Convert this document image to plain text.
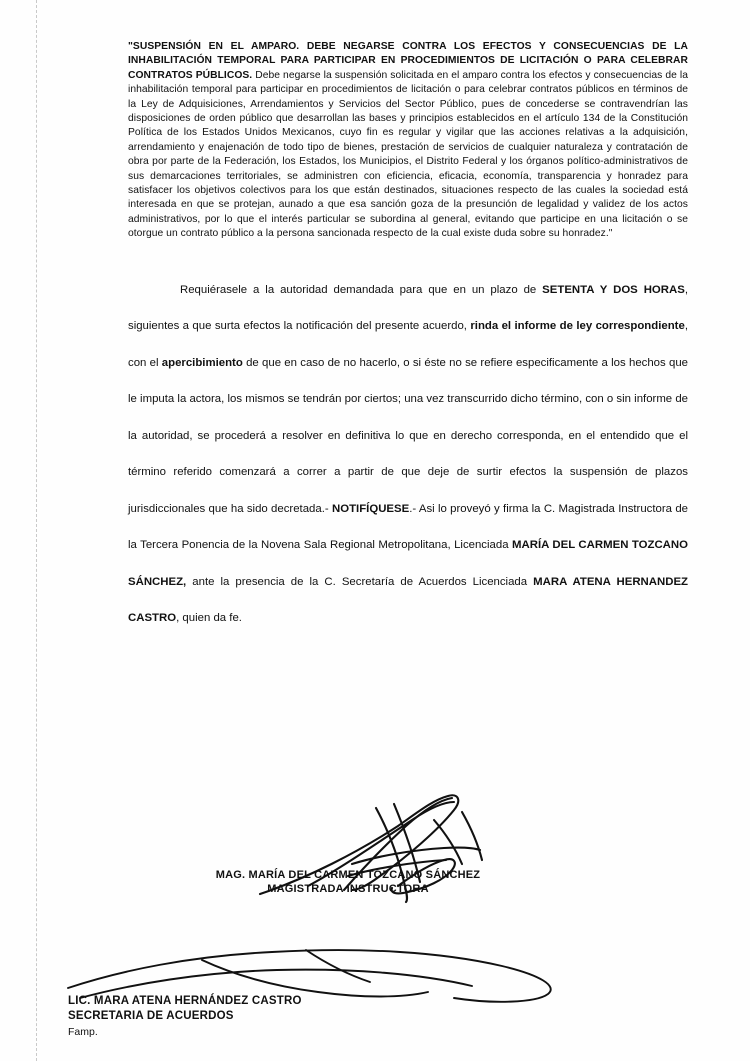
"SUSPENSIÓN EN EL AMPARO. DEBE NEGARSE CONTRA LOS EFECTOS Y CONSECUENCIAS DE LA INHABILITACIÓN TEMPORAL PARA PARTICIPAR EN PROCEDIMIENTOS DE LICITACIÓN O PARA CELEBRAR CONTRATOS PÚBLICOS. Debe negarse la suspensión solicitada en el amparo contra los efectos y consecuencias de la inhabilitación temporal para participar en procedimientos de licitación o para celebrar contratos públicos en términos de la Ley de Adquisiciones, Arrendamientos y Servicios del Sector Público, pues de concederse se contravendrían las disposiciones de orden público que desarrollan las bases y principios establecidos en el artículo 134 de la Constitución Política de los Estados Unidos Mexicanos, cuyo fin es regular y vigilar que las acciones relativas a la adquisición, arrendamiento y enajenación de todo tipo de bienes, prestación de servicios de cualquier naturaleza y contratación de obra por parte de la Federación, los Estados, los Municipios, el Distrito Federal y los órganos político-administrativos de sus demarcaciones territoriales, se administren con eficiencia, eficacia, economía, transparencia y honradez para satisfacer los objetivos colectivos para los que están destinados, situaciones respecto de las cuales la sociedad está interesada en que se protejan, aunado a que esa sanción goza de la presunción de legalidad y validez de los actos administrativos, por lo que el interés particular se subordina al general, evitando que participe en una licitación o se otorgue un contrato público a la persona sancionada respecto de la cual existe duda sobre su honradez."
Requiérasele a la autoridad demandada para que en un plazo de SETENTA Y DOS HORAS, siguientes a que surta efectos la notificación del presente acuerdo, rinda el informe de ley correspondiente, con el apercibimiento de que en caso de no hacerlo, o si éste no se refiere especificamente a los hechos que le imputa la actora, los mismos se tendrán por ciertos; una vez transcurrido dicho término, con o sin informe de la autoridad, se procederá a resolver en definitiva lo que en derecho corresponda, en el entendido que el término referido comenzará a correr a partir de que deje de surtir efectos la suspensión de plazos jurisdiccionales que ha sido decretada.- NOTIFÍQUESE.- Asi lo proveyó y firma la C. Magistrada Instructora de la Tercera Ponencia de la Novena Sala Regional Metropolitana, Licenciada MARÍA DEL CARMEN TOZCANO SÁNCHEZ, ante la presencia de la C. Secretaría de Acuerdos Licenciada MARA ATENA HERNANDEZ CASTRO, quien da fe.
MAG. MARÍA DEL CARMEN TOZCANO SÁNCHEZ
MAGISTRADA INSTRUCTORA
LIC. MARA ATENA HERNÁNDEZ CASTRO
SECRETARIA DE ACUERDOS
Famp.
